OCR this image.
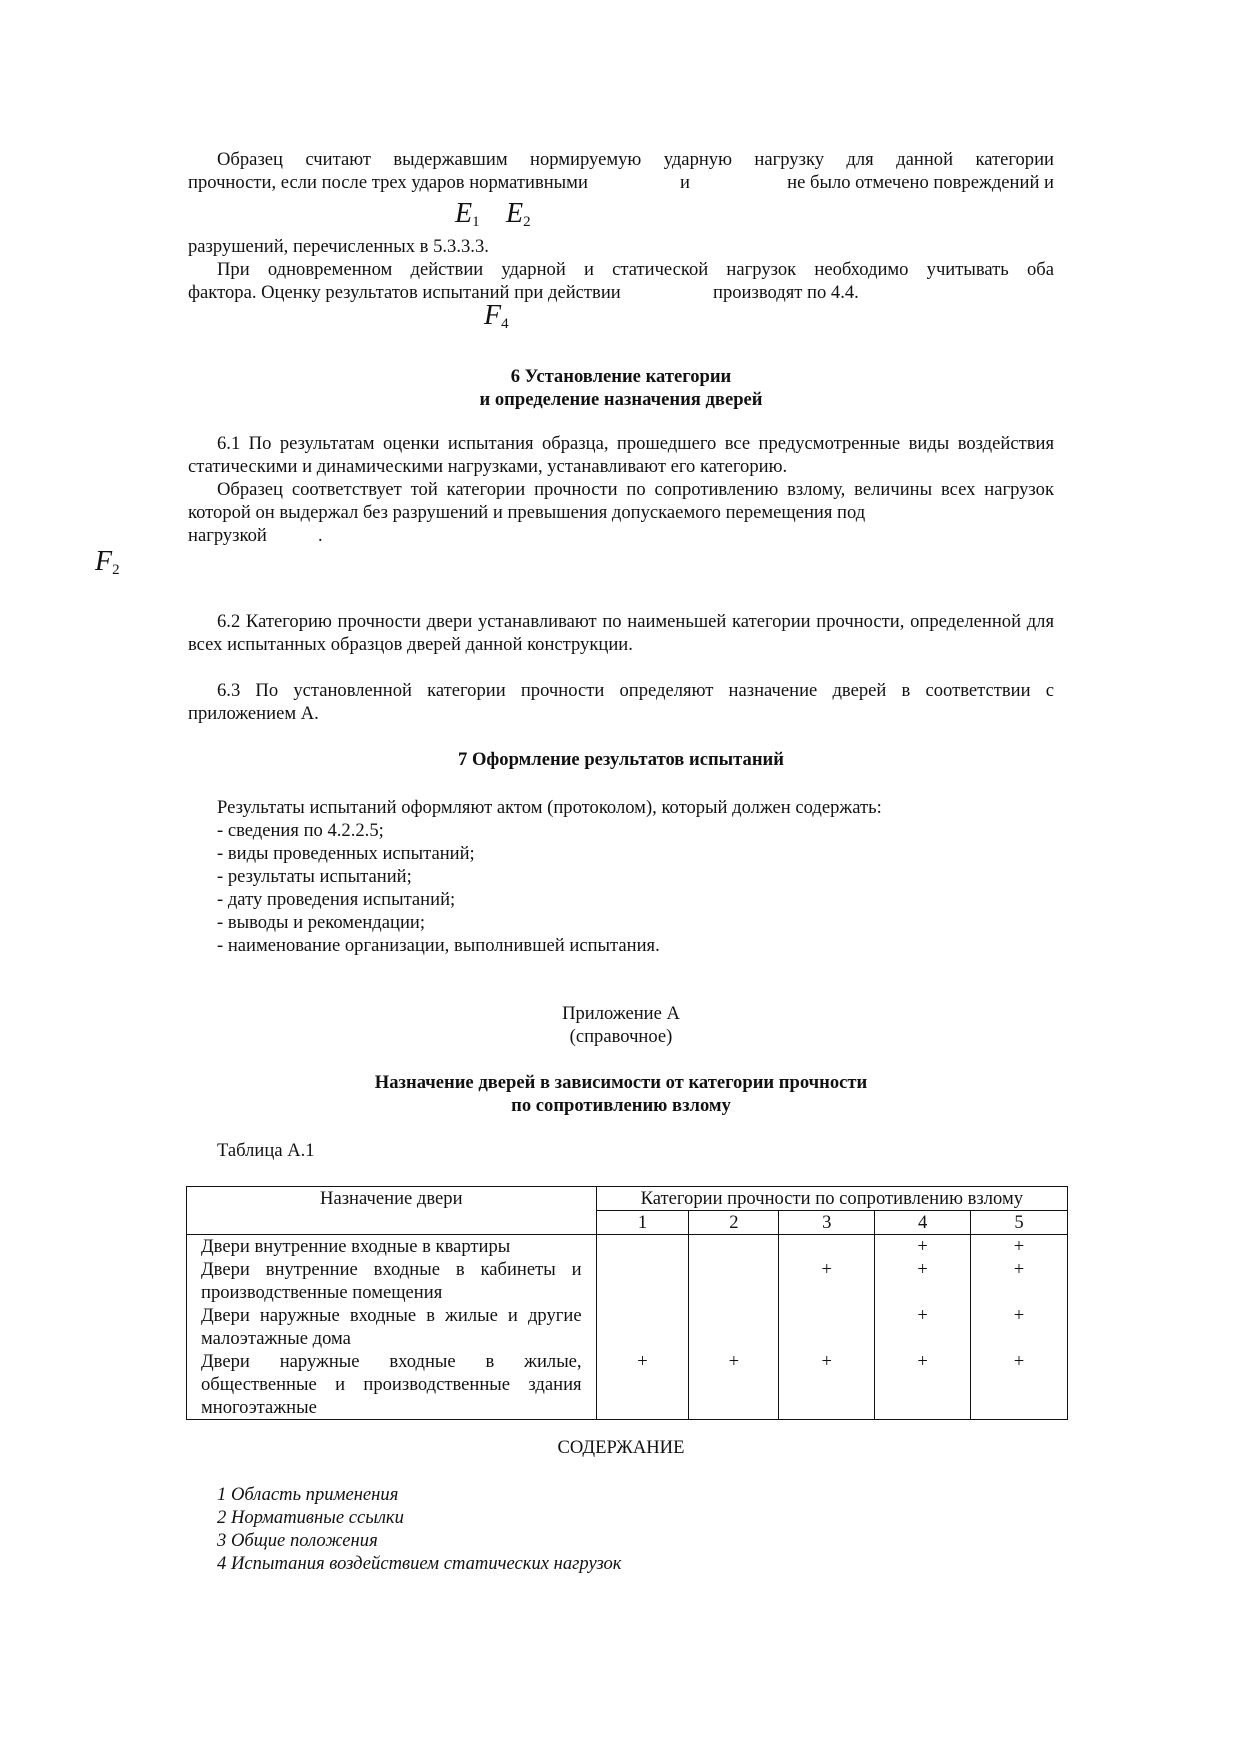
Образец считают выдержавшим нормируемую ударную нагрузку для данной категории

прочности, если после трех ударов нормативными	и	не было отмечено повреждений и
$E_1$ $E_2$

разрушений, перечисленных в 5.3.3.3.

При одновременном действии ударной и статической нагрузок необходимо учитывать оба

фактора. Оценку результатов испытаний при действии	производят по 4.4.
$F_4$

6 Установление категории

и определение назначения дверей

6.1 По результатам оценки испытания образца, прошедшего все предусмотренные виды воздействия статическими и динамическими нагрузками, устанавливают его категорию.

Образец соответствует той категории прочности по сопротивлению взлому, величины всех нагрузок которой он выдержал без разрушений и превышения допускаемого перемещения под

нагрузкой	.
$F_2$

6.2 Категорию прочности двери устанавливают по наименьшей категории прочности, определенной для всех испытанных образцов дверей данной конструкции.

6.3 По установленной категории прочности определяют назначение дверей в соответствии с приложением А.

7 Оформление результатов испытаний

Результаты испытаний оформляют актом (протоколом), который должен содержать:

- сведения по 4.2.2.5;
- виды проведенных испытаний;
- результаты испытаний;
- дату проведения испытаний;
- выводы и рекомендации;
- наименование организации, выполнившей испытания.

Приложение А

(справочное)

Назначение дверей в зависимости от категории прочности

по сопротивлению взлому

Таблица А.1

Назначение двери	Категории прочности по сопротивлению взлому				
	1	2	3	4	5
Двери внутренние входные в квартиры				+	+
Двери внутренние входные в кабинеты и производственные помещения			+	+	+
Двери наружные входные в жилые и другие малоэтажные дома				+	+
Двери наружные входные в жилые, общественные и производственные здания многоэтажные	+	+	+	+	+

СОДЕРЖАНИЕ

1 Область применения

2 Нормативные ссылки

3 Общие положения

4 Испытания воздействием статических нагрузок
